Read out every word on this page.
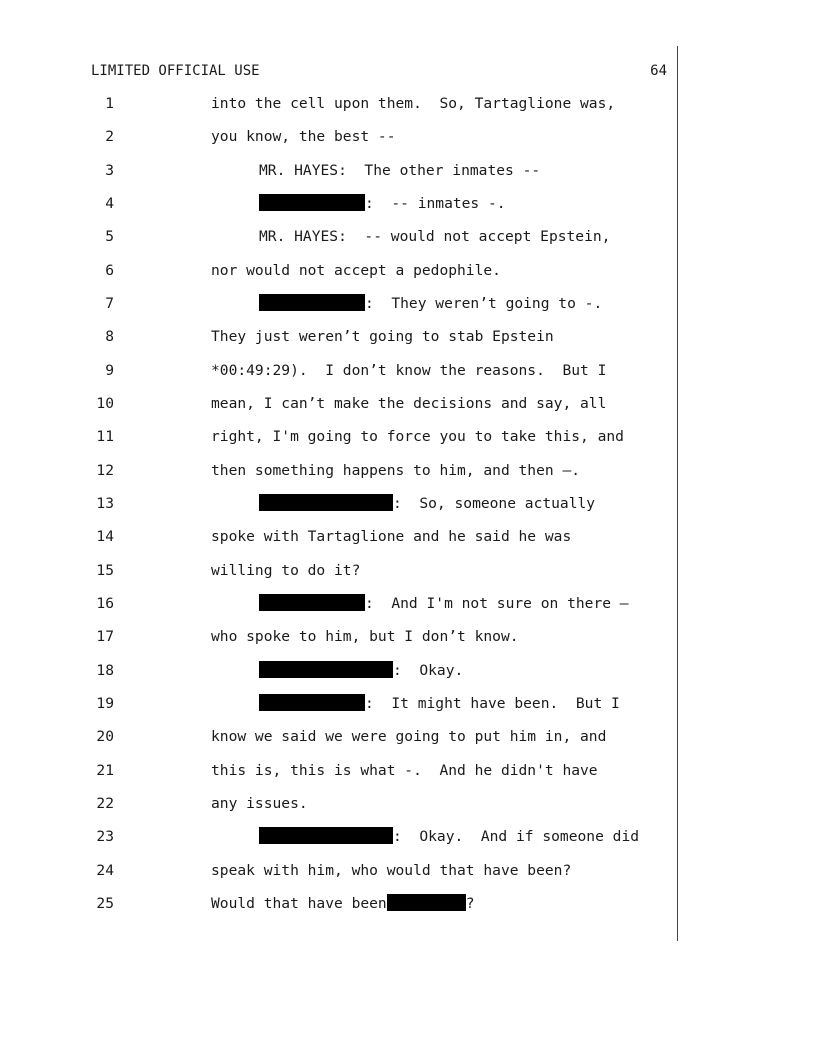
LIMITED OFFICIAL USE	64

1

	into the cell upon them.  So, Tartaglione was,

2

	you know, the best --

3

	MR. HAYES:  The other inmates --

4

	:  -- inmates -.

5

	MR. HAYES:  -- would not accept Epstein,

6

	nor would not accept a pedophile.

7

	:  They weren’t going to -.

8

	They just weren’t going to stab Epstein

9

	*00:49:29).  I don’t know the reasons.  But I

10

	mean, I can’t make the decisions and say, all

11

	right, I'm going to force you to take this, and

12

	then something happens to him, and then –.

13

	:  So, someone actually

14

	spoke with Tartaglione and he said he was

15

	willing to do it?

16

	:  And I'm not sure on there –

17

	who spoke to him, but I don’t know.

18

	:  Okay.

19

	:  It might have been.  But I

20

	know we said we were going to put him in, and

21

	this is, this is what -.  And he didn't have

22

	any issues.

23

	:  Okay.  And if someone did

24

	speak with him, who would that have been?

25

	Would that have been	?
